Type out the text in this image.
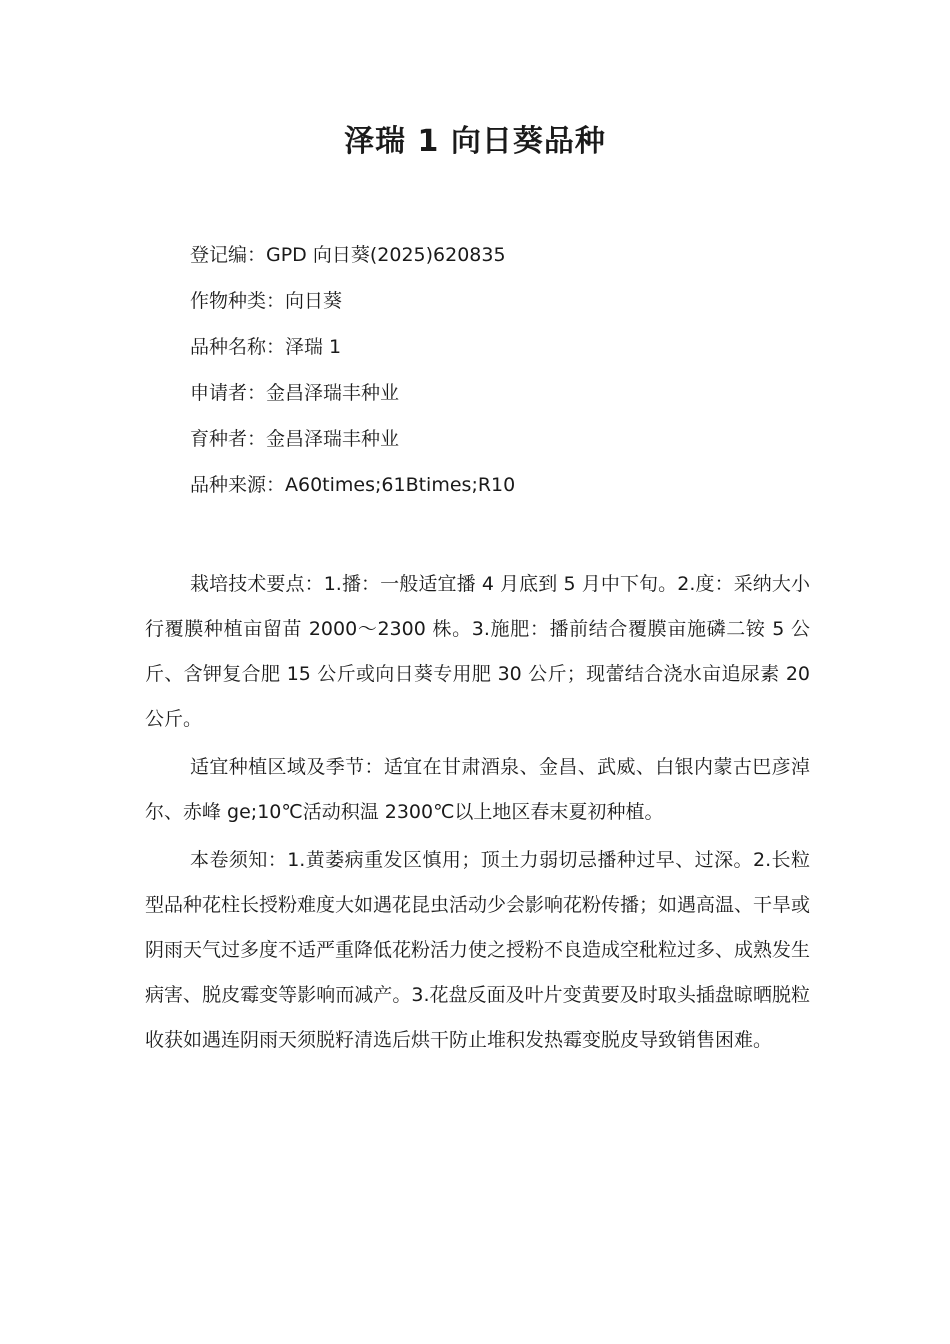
泽瑞 1 向日葵品种
登记编：GPD 向日葵(2025)620835
作物种类：向日葵
品种名称：泽瑞 1
申请者：金昌泽瑞丰种业
育种者：金昌泽瑞丰种业
品种来源：A60times;61Btimes;R10

栽培技术要点：1.播：一般适宜播 4 月底到 5 月中下旬。2.度：采纳大小行覆膜种植亩留苗 2000～2300 株。3.施肥：播前结合覆膜亩施磷二铵 5 公斤、含钾复合肥 15 公斤或向日葵专用肥 30 公斤；现蕾结合浇水亩追尿素 20 公斤。

适宜种植区域及季节：适宜在甘肃酒泉、金昌、武威、白银内蒙古巴彦淖尔、赤峰 ge;10℃活动积温 2300℃以上地区春末夏初种植。

本卷须知：1.黄萎病重发区慎用；顶土力弱切忌播种过早、过深。2.长粒型品种花柱长授粉难度大如遇花昆虫活动少会影响花粉传播；如遇高温、干旱或阴雨天气过多度不适严重降低花粉活力使之授粉不良造成空秕粒过多、成熟发生病害、脱皮霉变等影响而减产。3.花盘反面及叶片变黄要及时取头插盘晾晒脱粒收获如遇连阴雨天须脱籽清选后烘干防止堆积发热霉变脱皮导致销售困难。
